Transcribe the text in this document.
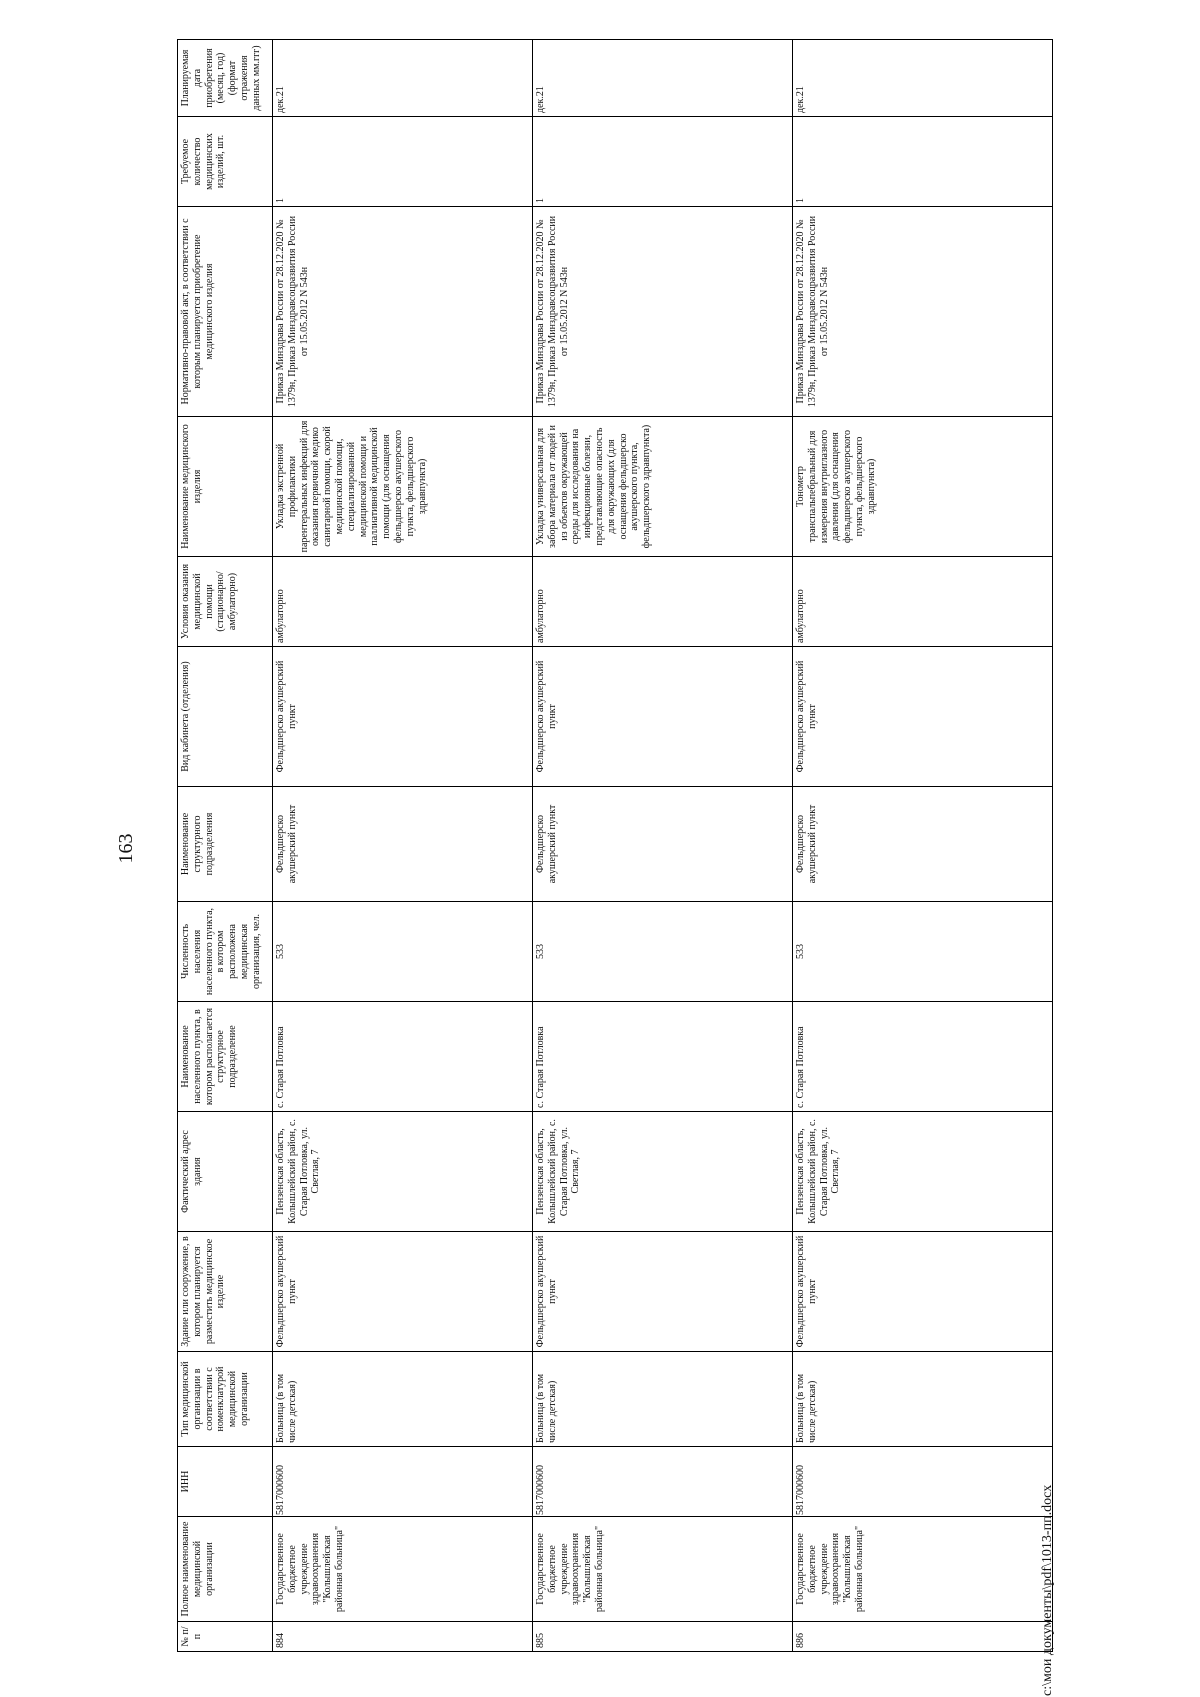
163
№ п/п	Полное наименование медицинской организации	ИНН	Тип медицинской организации в соответствии с номенклатурой медицинской организации	Здание или сооружение, в котором планируется разместить медицинское изделие	Фактический адрес здания	Наименование населенного пункта, в котором располагается структурное подразделение	Численность населения населенного пункта, в котором расположена медицинская организация, чел.	Наименование структурного подразделения	Вид кабинета (отделения)	Условия оказания медицинской помощи (стационарно/ амбулаторно)	Наименование медицинского изделия	Нормативно-правовой акт, в соответствии с которым планируется приобретение медицинского изделия	Требуемое количество медицинских изделий, шт.	Планируемая дата приобретения (месяц, год) (формат отражения данных мм.ггг)
884	Государственное бюджетное учреждение здравоохранения "Колышлейская районная больница"	5817000600	Больница (в том числе детская)	Фельдшерско акушерский пункт	Пензенская область, Колышлейский район, с. Старая Потловка, ул. Светлая, 7	с. Старая Потловка	533	Фельдшерско акушерский пункт	Фельдшерско акушерский пункт	амбулаторно	Укладка экстренной профилактики парентеральных инфекций для оказания первичной медико санитарной помощи, скорой медицинской помощи, специализированной медицинской помощи и паллиативной медицинской помощи (для оснащения фельдшерско акушерского пункта, фельдшерского здравпункта)	Приказ Минздрава России от 28.12.2020 № 1379н, Приказ Минздравсоцразвития России от 15.05.2012 N 543н	1	дек.21
885	Государственное бюджетное учреждение здравоохранения "Колышлейская районная больница"	5817000600	Больница (в том числе детская)	Фельдшерско акушерский пункт	Пензенская область, Колышлейский район, с. Старая Потловка, ул. Светлая, 7	с. Старая Потловка	533	Фельдшерско акушерский пункт	Фельдшерско акушерский пункт	амбулаторно	Укладка универсальная для забора материала от людей и из объектов окружающей среды для исследования на инфекционные болезни, представляющие опасность для окружающих (для оснащения фельдшерско акушерского пункта, фельдшерского здравпункта)	Приказ Минздрава России от 28.12.2020 № 1379н, Приказ Минздравсоцразвития России от 15.05.2012 N 543н	1	дек.21
886	Государственное бюджетное учреждение здравоохранения "Колышлейская районная больница"	5817000600	Больница (в том числе детская)	Фельдшерско акушерский пункт	Пензенская область, Колышлейский район, с. Старая Потловка, ул. Светлая, 7	с. Старая Потловка	533	Фельдшерско акушерский пункт	Фельдшерско акушерский пункт	амбулаторно	Тонометр транспальпебральный для измерения внутриглазного давления (для оснащения фельдшерско акушерского пункта, фельдшерского здравпункта)	Приказ Минздрава России от 28.12.2020 № 1379н, Приказ Минздравсоцразвития России от 15.05.2012 N 543н	1	дек.21
c:\мои документы\pdf\1013-пп.docx
